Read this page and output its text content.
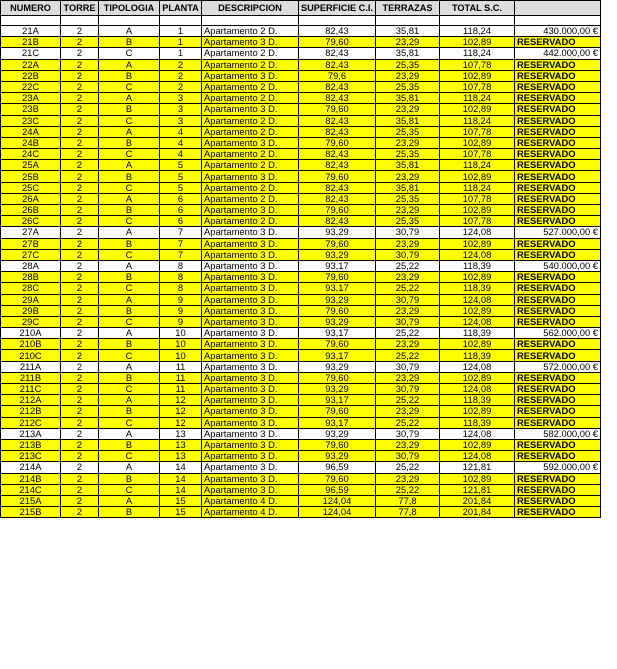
NUMERO	TORRE	TIPOLOGIA	PLANTA	DESCRIPCION	SUPERFICIE C.I.	TERRAZAS	TOTAL S.C.	

21A	2	A	1	Apartamento 2 D.	82,43	35,81	118,24	430.000,00 €
21B	2	B	1	Apartamento 3 D.	79,60	23,29	102,89	RESERVADO
21C	2	C	1	Apartamento 2 D.	82,43	35,81	118,24	442.000,00 €
22A	2	A	2	Apartamento 2 D.	82,43	25,35	107,78	RESERVADO
22B	2	B	2	Apartamento 3 D.	79,6	23,29	102,89	RESERVADO
22C	2	C	2	Apartamento 2 D.	82,43	25,35	107,78	RESERVADO
23A	2	A	3	Apartamento 2 D.	82,43	35,81	118,24	RESERVADO
23B	2	B	3	Apartamento 3 D.	79,60	23,29	102,89	RESERVADO
23C	2	C	3	Apartamento 2 D.	82,43	35,81	118,24	RESERVADO
24A	2	A	4	Apartamento 2 D.	82,43	25,35	107,78	RESERVADO
24B	2	B	4	Apartamento 3 D.	79,60	23,29	102,89	RESERVADO
24C	2	C	4	Apartamento 2 D.	82,43	25,35	107,78	RESERVADO
25A	2	A	5	Apartamento 2 D.	82,43	35,81	118,24	RESERVADO
25B	2	B	5	Apartamento 3 D.	79,60	23,29	102,89	RESERVADO
25C	2	C	5	Apartamento 2 D.	82,43	35,81	118,24	RESERVADO
26A	2	A	6	Apartamento 2 D.	82,43	25,35	107,78	RESERVADO
26B	2	B	6	Apartamento 3 D.	79,60	23,29	102,89	RESERVADO
26C	2	C	6	Apartamento 2 D.	82,43	25,35	107,78	RESERVADO
27A	2	A	7	Apartamento 3 D.	93,29	30,79	124,08	527.000,00 €
27B	2	B	7	Apartamento 3 D.	79,60	23,29	102,89	RESERVADO
27C	2	C	7	Apartamento 3 D.	93,29	30,79	124,08	RESERVADO
28A	2	A	8	Apartamento 3 D.	93,17	25,22	118,39	540.000,00 €
28B	2	B	8	Apartamento 3 D.	79,60	23,29	102,89	RESERVADO
28C	2	C	8	Apartamento 3 D.	93,17	25,22	118,39	RESERVADO
29A	2	A	9	Apartamento 3 D.	93,29	30,79	124,08	RESERVADO
29B	2	B	9	Apartamento 3 D.	79,60	23,29	102,89	RESERVADO
29C	2	C	9	Apartamento 3 D.	93,29	30,79	124,08	RESERVADO
210A	2	A	10	Apartamento 3 D.	93,17	25,22	118,39	562.000,00 €
210B	2	B	10	Apartamento 3 D.	79,60	23,29	102,89	RESERVADO
210C	2	C	10	Apartamento 3 D.	93,17	25,22	118,39	RESERVADO
211A	2	A	11	Apartamento 3 D.	93,29	30,79	124,08	572.000,00 €
211B	2	B	11	Apartamento 3 D.	79,60	23,29	102,89	RESERVADO
211C	2	C	11	Apartamento 3 D.	93,29	30,79	124,08	RESERVADO
212A	2	A	12	Apartamento 3 D.	93,17	25,22	118,39	RESERVADO
212B	2	B	12	Apartamento 3 D.	79,60	23,29	102,89	RESERVADO
212C	2	C	12	Apartamento 3 D.	93,17	25,22	118,39	RESERVADO
213A	2	A	13	Apartamento 3 D.	93,29	30,79	124,08	582.000,00 €
213B	2	B	13	Apartamento 3 D.	79,60	23,29	102,89	RESERVADO
213C	2	C	13	Apartamento 3 D.	93,29	30,79	124,08	RESERVADO
214A	2	A	14	Apartamento 3 D.	96,59	25,22	121,81	592.000,00 €
214B	2	B	14	Apartamento 3 D.	79,60	23,29	102,89	RESERVADO
214C	2	C	14	Apartamento 3 D.	96,59	25,22	121,81	RESERVADO
215A	2	A	15	Apartamento 4 D.	124,04	77,8	201,84	RESERVADO
215B	2	B	15	Apartamento 4 D.	124,04	77,8	201,84	RESERVADO
